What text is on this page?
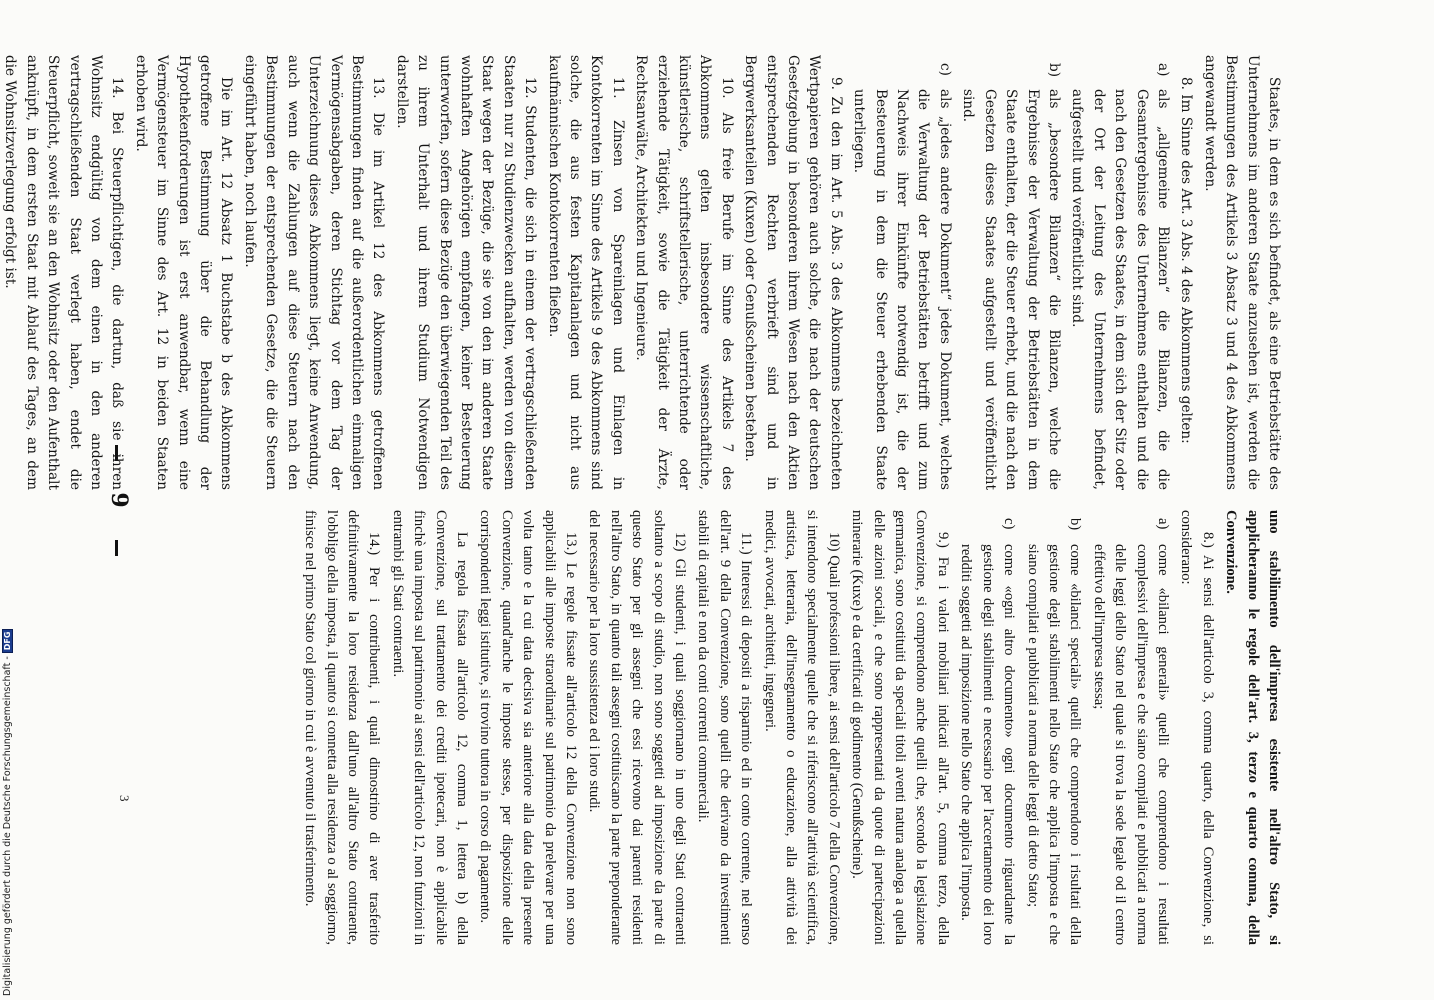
9

Staates, in dem es sich befindet, als eine Betriebstätte des Unternehmens im anderen Staate anzusehen ist, werden die Bestimmungen des Artikels 3 Absatz 3 und 4 des Abkommens angewandt werden.

8. Im Sinne des Art. 3 Abs. 4 des Abkommens gelten:

a)
als „allgemeine Bilanzen“ die Bilanzen, die die Gesamtergebnisse des Unternehmens enthalten und die nach den Gesetzen des Staates, in dem sich der Sitz oder der Ort der Leitung des Unternehmens befindet, aufgestellt und veröffentlicht sind.

b)
als „besondere Bilanzen“ die Bilanzen, welche die Ergebnisse der Verwaltung der Betriebstätten in dem Staate enthalten, der die Steuer erhebt, und die nach den Gesetzen dieses Staates aufgestellt und veröffentlicht sind.

c)
als „jedes andere Dokument“ jedes Dokument, welches die Verwaltung der Betriebstätten betrifft und zum Nachweis ihrer Einkünfte notwendig ist, die der Besteuerung in dem die Steuer erhebenden Staate unterliegen.

9. Zu den im Art. 5 Abs. 3 des Abkommens bezeichneten Wertpapieren gehören auch solche, die nach der deutschen Gesetzgebung in besonderen ihrem Wesen nach den Aktien entsprechenden Rechten verbrieft sind und in Bergwerksanteilen (Kuxen) oder Genußscheinen bestehen.

10. Als freie Berufe im Sinne des Artikels 7 des Abkommens gelten insbesondere wissenschaftliche, künstlerische, schriftstellerische, unterrichtende oder erziehende Tätigkeit, sowie die Tätigkeit der Ärzte, Rechtsanwälte, Architekten und Ingenieure.

11. Zinsen von Spareinlagen und Einlagen in Kontokorrenten im Sinne des Artikels 9 des Abkommens sind solche, die aus festen Kapitalanlagen und nicht aus kaufmännischen Kontokorrenten fließen.

12. Studenten, die sich in einem der vertragschließenden Staaten nur zu Studienzwecken aufhalten, werden von diesem Staat wegen der Bezüge, die sie von den im anderen Staate wohnhaften Angehörigen empfangen, keiner Besteuerung unterworfen, sofern diese Bezüge den überwiegenden Teil des zu ihrem Unterhalt und ihrem Studium Notwendigen darstellen.

13. Die im Artikel 12 des Abkommens getroffenen Bestimmungen finden auf die außerordentlichen einmaligen Vermögensabgaben, deren Stichtag vor dem Tag der Unterzeichnung dieses Abkommens liegt, keine Anwendung, auch wenn die Zahlungen auf diese Steuern nach den Bestimmungen der entsprechenden Gesetze, die die Steuern eingeführt haben, noch laufen.

Die im Art. 12 Absatz 1 Buchstabe b des Abkommens getroffene Bestimmung über die Behandlung der Hypothekenforderungen ist erst anwendbar, wenn eine Vermögensteuer im Sinne des Art. 12 in beiden Staaten erhoben wird.

14. Bei Steuerpflichtigen, die dartun, daß sie ihren Wohnsitz endgültig von dem einen in den anderen vertragschließenden Staat verlegt haben, endet die Steuerpflicht, soweit sie an den Wohnsitz oder den Aufenthalt anknüpft, in dem ersten Staat mit Ablauf des Tages, an dem die Wohnsitzverlegung erfolgt ist.

uno stabilimento dell'impresa esistente nell'altro Stato, si applicheranno le regole dell'art. 3, terzo e quarto comma, della Convenzione.

8.) Ai sensi dell'articolo 3, comma quarto, della Convenzione, si considerano:

a)
come «bilanci generali» quelli che comprendono i resultati complessivi dell'impresa e che siano compilati e pubblicati a norma delle leggi dello Stato nel quale si trova la sede legale od il centro effettivo dell'impresa stessa;

b)
come «bilanci speciali» quelli che comprendono i risultati della gestione degli stabilimenti nello Stato che applica l'imposta e che siano compilati e pubblicati a norma delle leggi di detto Stato;

c)
come «ogni altro documento» ogni documento riguardante la gestione degli stabilimenti e necessario per l'accertamento dei loro redditi soggetti ad imposizione nello Stato che applica l'imposta.

9.) Fra i valori mobiliari indicati all'art. 5, comma terzo, della Convenzione, si comprendono anche quelli che, secondo la legislazione germanica, sono costituiti da speciali titoli aventi natura analoga a quella delle azioni sociali, e che sono rappresentati da quote di partecipazioni minerarie (Kuxe) e da certificati di godimento (Genußscheine).

10) Quali professioni libere, ai sensi dell'articolo 7 della Convenzione, si intendono specialmente quelle che si riferiscono all'attività scientifica, artistica, letteraria, dell'insegnamento o educazione, alla attività dei medici, avvocati, architetti, ingegneri.

11.) Interessi di depositi a risparmio ed in conto corrente, nel senso dell'art. 9 della Convenzione, sono quelli che derivano da investimenti stabili di capitali e non da conti correnti commerciali.

12) Gli studenti, i quali soggiornano in uno degli Stati contraenti soltanto a scopo di studio, non sono soggetti ad imposizione da parte di questo Stato per gli assegni che essi ricevono dai parenti residenti nell'altro Stato, in quanto tali assegni costituiscano la parte preponderante del necessario per la loro sussistenza ed i loro studi.

13.) Le regole fissate all'articolo 12 della Convenzione non sono applicabili alle imposte straordinarie sul patrimonio da prelevare per una volta tanto e la cui data decisiva sia anteriore alla data della presente Convenzione, quand'anche le imposte stesse, per disposizione delle corrispondenti leggi istitutive, si trovino tuttora in corso di pagamento.

La regola fissata all'articolo 12, comma 1, lettera b) della Convenzione, sul trattamento dei crediti ipotecari, non è applicabile finchè una imposta sul patrimonio ai sensi dell'articolo 12, non funzioni in entrambi gli Stati contraenti.

14.) Per i contribuenti, i quali dimostrino di aver trasferito definitivamente la loro residenza dall'uno all'altro Stato contraente, l'obbligo della imposta, il quanto si connetta alla residenza o al soggiorno, finisce nel primo Stato col giorno in cui è avvenuto il trasferimento.

3
Digitalisierung gefördert durch die Deutsche Forschungsgemeinschaft -DFG
